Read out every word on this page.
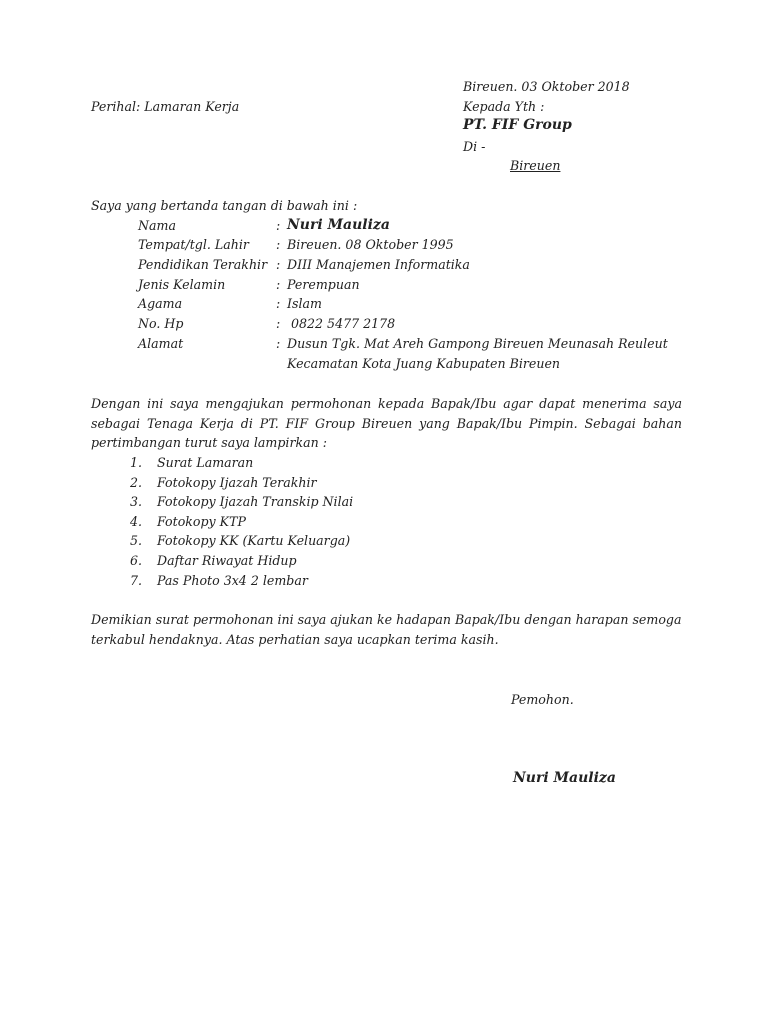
Bireuen. 03 Oktober 2018
Perihal: Lamaran Kerja	Kepada Yth :
PT. FIF Group
Di -
Bireuen
Saya yang bertanda tangan di bawah ini :
Nama	: Nuri Mauliza
Tempat/tgl. Lahir	: Bireuen. 08 Oktober 1995
Pendidikan Terakhir : DIII Manajemen Informatika
Jenis Kelamin	: Perempuan
Agama	: Islam
No. Hp	: 0822 5477 2178
Alamat	: Dusun Tgk. Mat Areh Gampong Bireuen Meunasah Reuleut
Kecamatan Kota Juang Kabupaten Bireuen
Dengan ini saya mengajukan permohonan kepada Bapak/Ibu agar dapat menerima saya sebagai Tenaga Kerja di PT. FIF Group Bireuen yang Bapak/Ibu Pimpin. Sebagai bahan pertimbangan turut saya lampirkan :
1. Surat Lamaran
2. Fotokopy Ijazah Terakhir
3. Fotokopy Ijazah Transkip Nilai
4. Fotokopy KTP
5. Fotokopy KK (Kartu Keluarga)
6. Daftar Riwayat Hidup
7. Pas Photo 3x4 2 lembar
Demikian surat permohonan ini saya ajukan ke hadapan Bapak/Ibu dengan harapan semoga terkabul hendaknya. Atas perhatian saya ucapkan terima kasih.
Pemohon.
Nuri Mauliza
